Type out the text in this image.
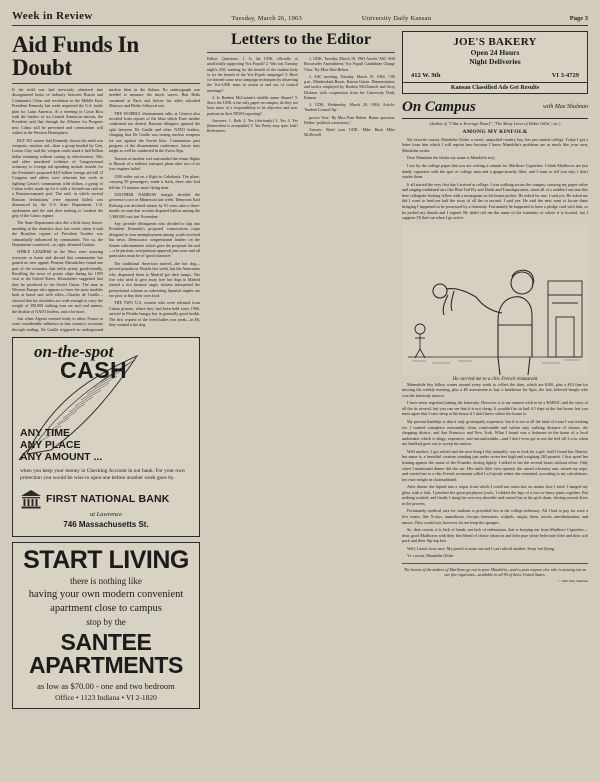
Week in Review	Tuesday, March 26, 1963	University Daily Kansan	Page 3
Aid Funds In Doubt

If the mild war had nervously shattered into disorganized bouts of industry between Russia and Communist China and revolution in the Middle East, President Kennedy last week requested the U.S. battle plan for Latin America. At a meeting in Costa Rica with the leaders of six Central American nations, the President said that through the Alliance for Progress new Cubas will be prevented and communism will wither in the Western Hemisphere.

BUT NO sooner had Kennedy chosen his mild war weapons—nuclear aid—than a group headed by Gen. Lucius Clay said the weapon could stand a half-billion dollar trimming without cutting its effectiveness. This and other murdered evidence of Congressional acrimony to foreign aid spending include trouble for the President's proposed $4.9 billion foreign aid bill. If Congress and others were reluctant last week in fighting Castro's communism with dollars, a group of Cuban exiles made up for it with a hit-and-run raid on a Russian-manned port. The raid, in which several Russian 'technicians' were reported killed, was denounced by the U.S. State Department. U.S. spokesmen said the raid does nothing to 'weaken the grip of the Castro regime.'

The State Department also did a little hasty house-mending at the domestic door last week, when it said the Brazilian regime of President Goulart was substantially influenced by communists. Nor so, the Department countered—so right, affirmed Goulart.

WHILE LEADERS in the West were assuring everyone at home and abroad that communism has gained no new appeal, Premier Khrushchev found one part of the economy that befits pretty good-friendly. Recalling the savor of potato chips during his 1959 visit to the United States, Khrushchev suggested that they be produced in the Soviet Union. The man in Western Europe who appears to have the most troubles both at home and with allies—Charles de Gaulle—showed that his shoulders are wide enough to carry the weight of 300,000 striking iron ore and coal miners, the disdain of NATO leaders, and a bit more.

Just when Algeria seemed ready to allow France to exert considerable influence in that country's economy through trading, De Gaulle triggered an underground nuclear blast in the Sahara. No seismograph was needed to measure the shock waves. Ben Bella screamed at Paris and before his aides subsided Moscow and Berlin followed suit.

THE WOBBLY disarmament talks at Geneva also recoiled from reports of the blast which Paris neither confirmed nor denied. Russian delegates ignored the split between De Gaulle and other NATO leaders, charging that De Gaulle was testing nuclear weapons for use against the Soviet bloc. Communists past progress of the disarmament conference, future tests might as well be conducted in the Swiss Alps.

Tension of another sort surrounded the return flights to Hawaii of a military transport plane after two of its four engines failed

1500 miles out on a flight to Caledonia. The plane, carrying 85 passengers, made it back, three who had left her 15 minutes more flying time.

ANOTHER NARROW margin decided the governor's race in Minnesota last week. Democrat Karl Rolvaag was declared winner by 91 votes after a three-month recount that recount disputed ballots among the 1,300,000 cast last November.

Any juvenile delinquents who decided to slip into President Kennedy's proposed conservation corps designed to turn unemployment among youth received but news. Democratic congressional leaders on the Senate subcommittee which gave the proposal the nod—a bi-partisan, non-partisan approval just went said all particulars must be of 'good character.'

The traditional American marvel—the hot dog—proved popular in Florida last week, but the Americans who dispensed them to Madrid got their lumps. The five who tried to give away free hot dogs in Madrid started a riot because angry citizens interpreted the promotional scheme as subverting Spanish staples are too poor to buy their own food.

THE TWO U.S. women who were released from Cuban prisons, where they had been held since 1960, arrived in Florida hungry but in generally good health. The first request of the freed ladies was steak—in Hi, they wanted a hot dog.

on-the-spot
CASH
ANY TIME
ANY PLACE
ANY AMOUNT ...
when you keep your money in Checking Account in our bank. For your own protection you would be wise to open one before another week goes by.
FIRST NATIONAL BANK
at Lawrence
746 Massachusetts St.
START LIVING
there is nothing like
having your own modern convenient apartment close to campus
stop by the
SANTEE APARTMENTS
as low as $70.00 - one and two bedroom
Office • 1123 Indiana • VI 2-1820
Letters to the Editor

Editor: Questions: 1. Is the UDK officially or unofficially supporting Vox Populi? 2. Was last Tuesday night's ASC meeting for the benefit of the student body or for the benefit of the Vox Populi campaign? 3. Have we learned some new campaign techniques by observing the Vox-UDK team in action at and out of council meetings?

4. Is Reuben McCartum's middle name Sharer? 5. Since the UDK is the only paper on campus, do they not have more of a responsibility to be objective and non-partisan in their NEWS reporting?

Answers: 1. Both 2. Yes (obviously) 3. Yes 4. Yes (benevolent is acceptable) 5. Yes Pretty easy quiz, huh? References:

1. UDK, Tuesday, March 19, 1963 Article 'ASC Will Reconsider Amendment; Vox Populi Candidates Charge View.' By Miss Patti Behen.

2. ASC meeting, Tuesday, March 19, 1963, 7:00 p.m., Meadowlark Room, Kansas Union. Demonstrators and tactics employed by Reuben McClintock and Jerry Dickson with cooperation from the University Daily Kansan.

3. UDK, Wednesday, March 20, 1963; Article: 'Student Council Ap-

proves Vote.' By Miss Patti Behen. Bonus question: Define 'political consistency.'

Answer: Read your UDK. Mike Bush Mike McDowell

JOE'S BAKERY
Open 24 Hours
Night Deliveries
412 W. 9th	VI 3-4729
Kansan Classified Ads Get Results
On Campus	with Max Shulman
(Author of "I Was a Teen-age Dwarf", "The Many Loves of Dobie Gillis", etc.)
AMONG MY KINFOLK

My favorite cousin, Mandolin Globe, a sweet, unspoiled country boy, has just started college. Today I got a letter from him which I will reprint here because I know Mandolin's problems are as much like your own, Mandolin writes:

Dear Mandolin the thinks my name is Mandolin too),

I see by the college paper that you are writing a column for Marlboro Cigarettes. I think Marlboros are just dandy cigarettes with the spot of college men and a ginger-peachy filter, and I want to tell you why I don't smoke them.

It all started the very first day I arrived at college. I was walking across the campus, carrying my paper valise and singing traditional airs like Blue Tail Fly and Death and Transfiguration, when all of a sudden I ran into this here collegiate-looking fellow with a monogram on his breast pocket. He asked for one. I said yes. He asked me did I want to lend me half the story of all the in second. I said yes. He said the next want to locate these bringing I happened to be possessed by a fraternity. Fortunately he happened to have a pledge card with him, so he picked my thumb and I signed. He didn't tell me the name of the fraternity or where it is located, but I suppose I'll find out when I go active.

He carried me to a chic French restaurant

Meanwhile this fellow comes around every week to collect the dues, which are $100, plus a $10 fine for missing the weekly meeting, plus a $5 assessment to buy a headstone for Spot, the late, beloved beagle who was the fraternity mascot.

I have never regretted joining the fraternity. However, it is my earnest wish to be a BAROC and the story of all the its avowal, but you can see that it is not cheap. It wouldn't be so bad if I slept at the frat house, but you must agree that I can't sleep at the house if I don't know where the house is.

My present hardship is that it only grotesquely expensive, but it is not at all the kind of room I was looking for. I wanted someplace reasonably clean, comfortable and within easy walking distance of classes, the shopping district, and San Francisco and New York. What I found was a bedroom in the home of a local undertaker which is dingy, expensive, and uncomfortable—and I don't even get to use the bed till 2 a.m. when my landlord goes out to sweep his station.

Well anyhow, I got settled and the next thing I did, naturally, was to look for a girl. And I found her. Harriet, her name is, a beautiful creature standing just under seven feet high and weighing 265 pounds. I first spied her leaning against the statue of the Founder, dozing lightly. I talked to her the several hours without effort. Only when I mentioned dinner did she stir. Her smile little eyes opened, she raised a brawny arm, seized my nape, and carried me to a chic French restaurant called La Cajoule where she remained, according to my calculations, her own weight in chateaubriand.

After dinner she lapsed into a torpor from which I could not rouse her, no matter how I tried. I hanged my glass with a fork, I pinched her great porphyros jowls, I rubbed the legs of a two-or-fancy pants together. But nothing worked, and finally I slung her over my shoulder and carried her to the girls dorm, driving several dives in the process.

Fortunately, medical care for students is provided free at the college infirmary. All I had to pay for were a few extras, like X-rays, anaesthesia, forceps, hemostats, scalpels, catgut, linen, towels, anesthetization, and nurses. They would not, however, let me keep the sponges.

So, dear cousin, it is lack of funds, not lack of enthusiasm, that is keeping me from Marlboro Cigarettes—dear, good Marlboros with their fine blend of choice tobaccos and their pure white Selectrate filter and their soft pack and their flip-top box.

Well, I must close now. My pencil is none out and I can't afford another. Keep 'em flying.

Yr. cousin, Mandolin Globe

The hearts of the makers of Marlboro go out to poor Mandolin—and to poor anyone else who is missing out on our fine cigarettes—available in all 50 of those United States.
© 1963 Max Shulman
